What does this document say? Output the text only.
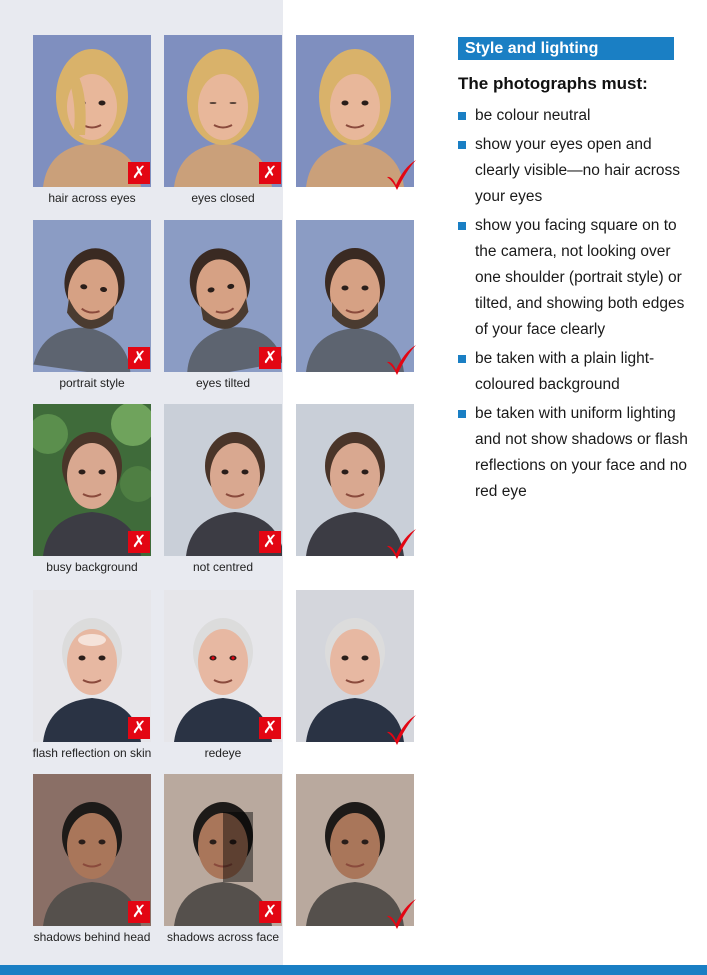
✗
hair across eyes
✗
eyes closed
✗
portrait style
✗
eyes tilted
✗
busy background
✗
not centred
✗
flash reflection on skin
✗
redeye
✗
shadows behind head
✗
shadows across face
Style and lighting
The photographs must:
be colour neutral
show your eyes open and clearly visible—no hair across your eyes
show you facing square on to the camera, not looking over one shoulder (portrait style) or tilted, and showing both edges of your face clearly
be taken with a plain light-coloured background
be taken with uniform lighting and not show shadows or flash reflections on your face and no red eye
